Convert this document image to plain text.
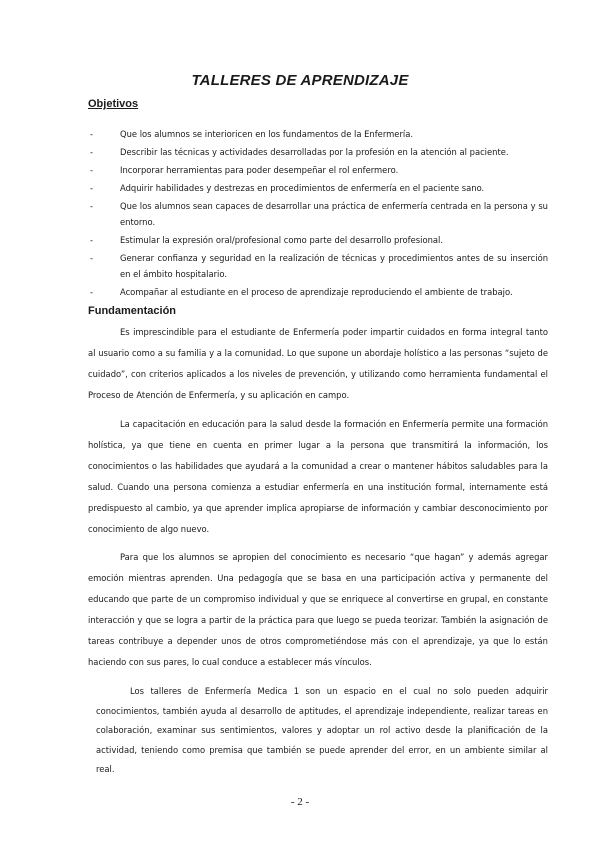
TALLERES DE APRENDIZAJE
Objetivos
-	Que los alumnos se interioricen en los fundamentos de la Enfermería.
-	Describir las técnicas y actividades desarrolladas por la profesión en la atención al paciente.
-	Incorporar herramientas para poder desempeñar el rol enfermero.
-	Adquirir habilidades y destrezas en procedimientos de enfermería en el paciente sano.
-	Que los alumnos sean capaces de desarrollar una práctica de enfermería centrada en la persona y su entorno.
-	Estimular la expresión oral/profesional como parte del desarrollo profesional.
-	Generar confianza y seguridad en la realización de técnicas y procedimientos antes de su inserción en el ámbito hospitalario.
-	Acompañar al estudiante en el proceso de aprendizaje reproduciendo el ambiente de trabajo.
Fundamentación

Es imprescindible para el estudiante de Enfermería poder impartir cuidados en forma integral tanto al usuario como a su familia y a la comunidad. Lo que supone un abordaje holístico a las personas “sujeto de cuidado”, con criterios aplicados a los niveles de prevención, y utilizando como herramienta fundamental el Proceso de Atención de Enfermería, y su aplicación en campo.

La capacitación en educación para la salud desde la formación en Enfermería permite una formación holística, ya que tiene en cuenta en primer lugar a la persona que transmitirá la información, los conocimientos o las habilidades que ayudará a la comunidad a crear o mantener hábitos saludables para la salud. Cuando una persona comienza a estudiar enfermería en una institución formal, internamente está predispuesto al cambio, ya que aprender implica apropiarse de información y cambiar desconocimiento por conocimiento de algo nuevo.

Para que los alumnos se apropien del conocimiento es necesario “que hagan” y además agregar emoción mientras aprenden. Una pedagogía que se basa en una participación activa y permanente del educando que parte de un compromiso individual y que se enriquece al convertirse en grupal, en constante interacción y que se logra a partir de la práctica para que luego se pueda teorizar. También la asignación de tareas contribuye a depender unos de otros comprometiéndose más con el aprendizaje, ya que lo están haciendo con sus pares, lo cual conduce a establecer más vínculos.

Los talleres de Enfermería Medica 1 son un espacio en el cual no solo pueden adquirir conocimientos, también ayuda al desarrollo de aptitudes, el aprendizaje independiente, realizar tareas en colaboración, examinar sus sentimientos, valores y adoptar un rol activo desde la planificación de la actividad, teniendo como premisa que también se puede aprender del error, en un ambiente similar al real.

- 2 -
